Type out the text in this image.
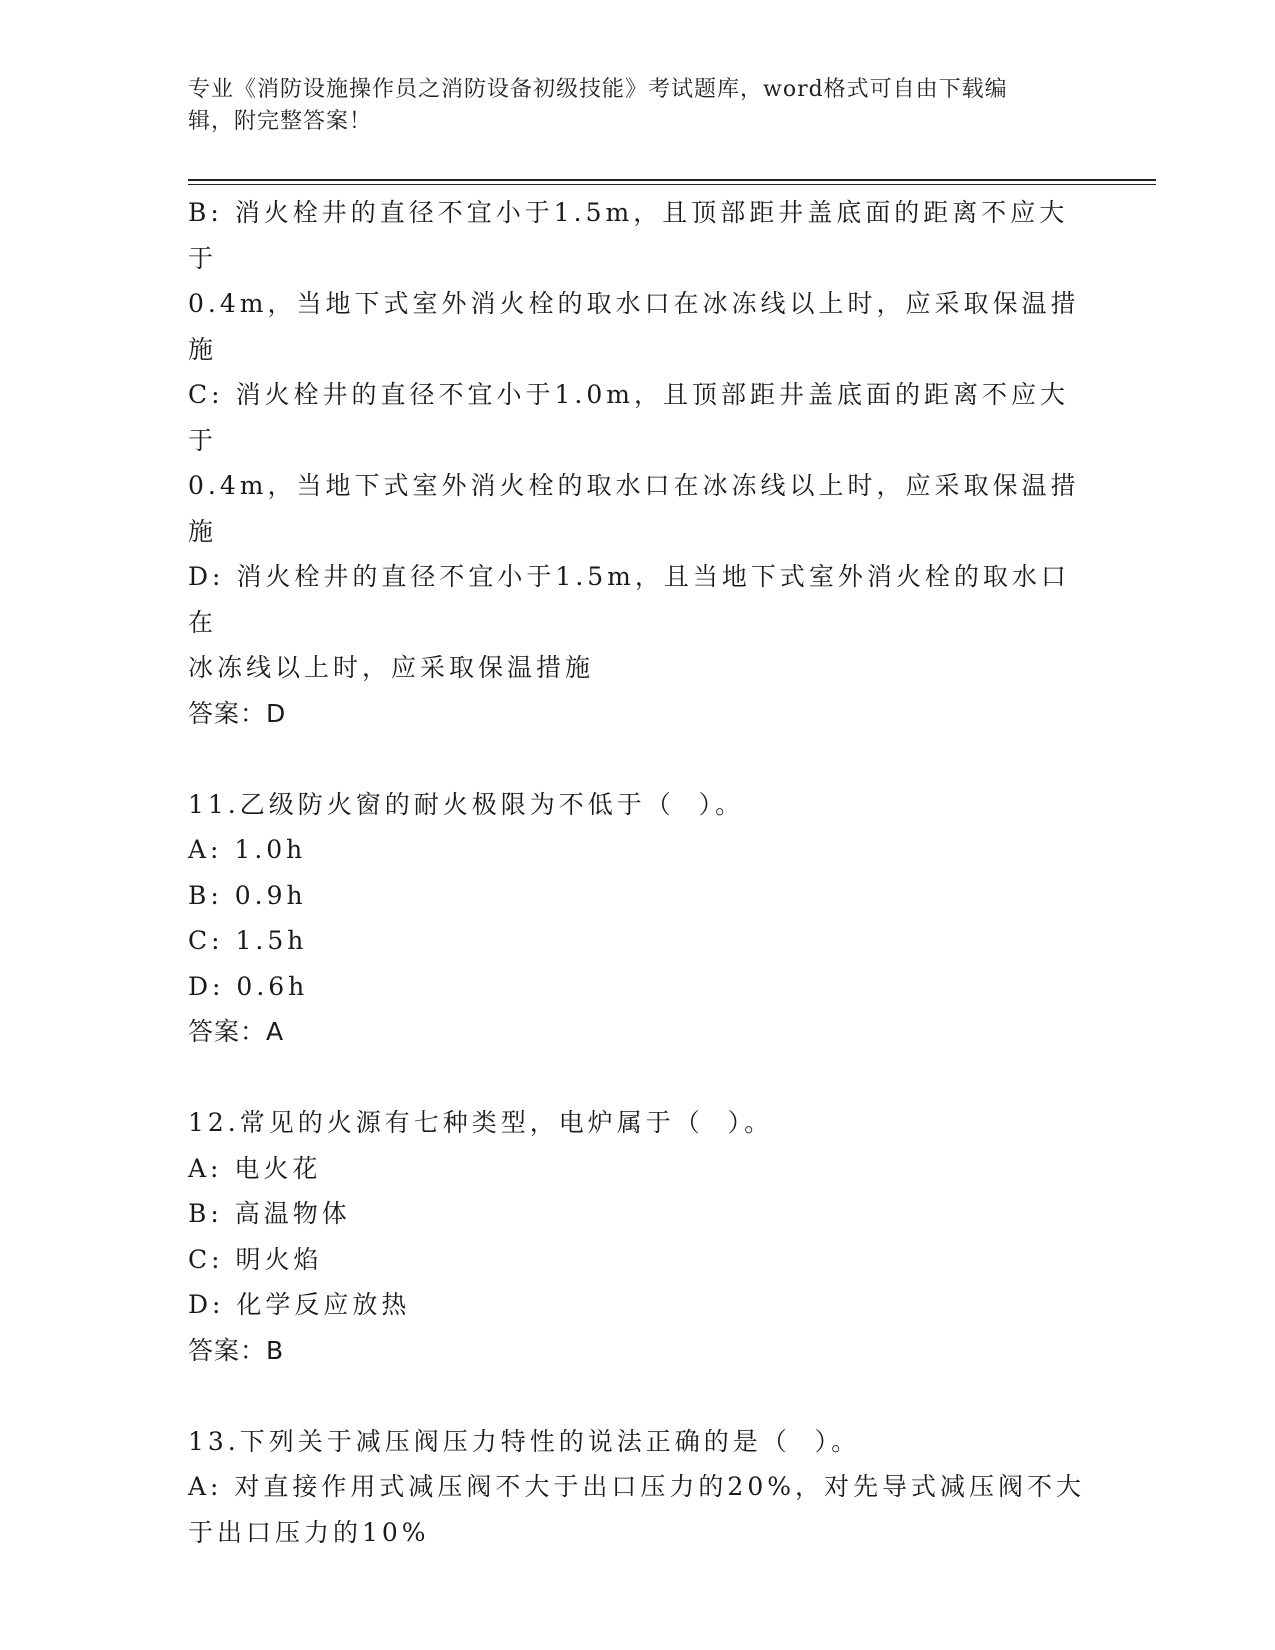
专业《消防设施操作员之消防设备初级技能》考试题库，word格式可自由下载编
辑，附完整答案！
B: 消火栓井的直径不宜小于1.5m，且顶部距井盖底面的距离不应大于
0.4m，当地下式室外消火栓的取水口在冰冻线以上时，应采取保温措
施
C: 消火栓井的直径不宜小于1.0m，且顶部距井盖底面的距离不应大于
0.4m，当地下式室外消火栓的取水口在冰冻线以上时，应采取保温措
施
D: 消火栓井的直径不宜小于1.5m，且当地下式室外消火栓的取水口在
冰冻线以上时，应采取保温措施
答案：D
11.乙级防火窗的耐火极限为不低于（  ）。
A: 1.0h
B: 0.9h
C: 1.5h
D: 0.6h
答案：A
12.常见的火源有七种类型，电炉属于（  ）。
A: 电火花
B: 高温物体
C: 明火焰
D: 化学反应放热
答案：B
13.下列关于减压阀压力特性的说法正确的是（  ）。
A: 对直接作用式减压阀不大于出口压力的20%，对先导式减压阀不大
于出口压力的10%
